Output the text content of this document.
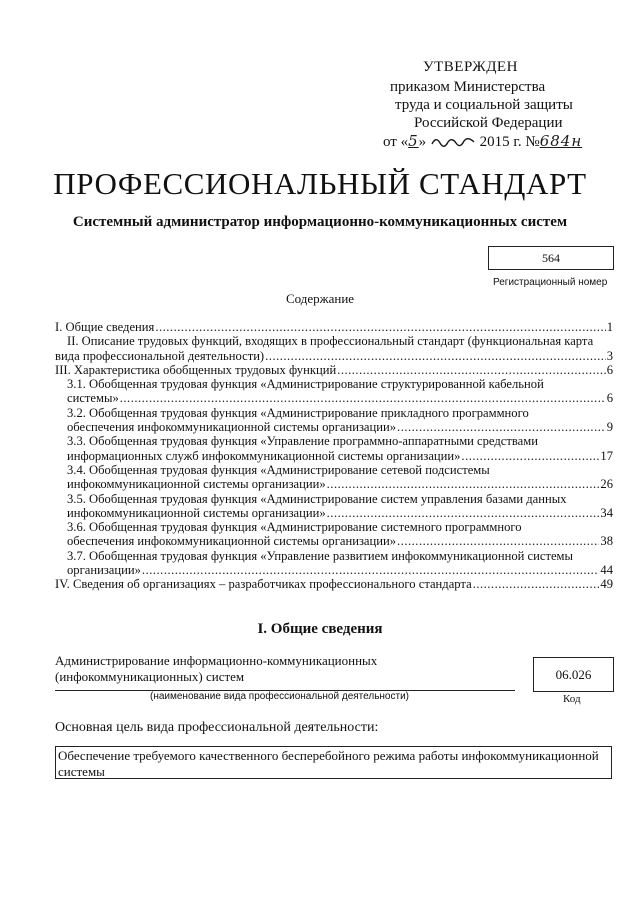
УТВЕРЖДЕН
приказом Министерства
труда и социальной защиты
Российской Федерации
от «5»	2015 г. №684н
ПРОФЕССИОНАЛЬНЫЙ СТАНДАРТ
Системный администратор информационно-коммуникационных систем
564
Регистрационный номер
Содержание
I. Общие сведения .....	1
II. Описание трудовых функций, входящих в профессиональный стандарт (функциональная карта
вида профессиональной деятельности) .....	3
III. Характеристика обобщенных трудовых функций .....	6
3.1. Обобщенная трудовая функция «Администрирование структурированной кабельной
системы» .....	6
3.2. Обобщенная трудовая функция «Администрирование прикладного программного
обеспечения инфокоммуникационной системы организации» .....	9
3.3. Обобщенная трудовая функция «Управление программно-аппаратными средствами
информационных служб инфокоммуникационной системы организации» .....	17
3.4. Обобщенная трудовая функция «Администрирование сетевой подсистемы
инфокоммуникационной системы организации» .....	26
3.5. Обобщенная трудовая функция «Администрирование систем управления базами данных
инфокоммуникационной системы организации» .....	34
3.6. Обобщенная трудовая функция «Администрирование системного программного
обеспечения инфокоммуникационной системы организации» .....	38
3.7. Обобщенная трудовая функция «Управление развитием инфокоммуникационной системы
организации» .....	44
IV. Сведения об организациях – разработчиках профессионального стандарта .....	49
I. Общие сведения
Администрирование информационно-коммуникационных
(инфокоммуникационных) систем
(наименование вида профессиональной деятельности)
06.026
Код
Основная цель вида профессиональной деятельности:
Обеспечение требуемого качественного бесперебойного режима работы инфокоммуникационной системы
